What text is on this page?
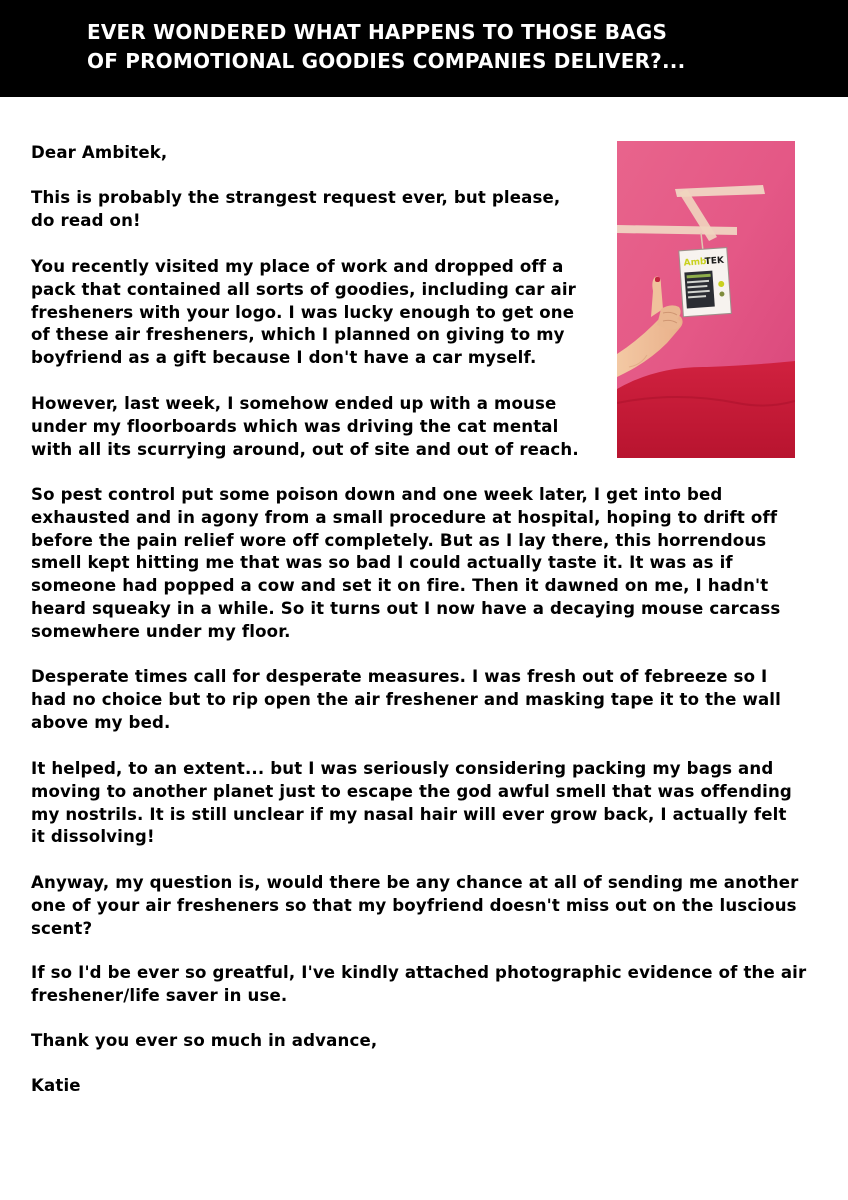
EVER WONDERED WHAT HAPPENS TO THOSE BAGS
OF PROMOTIONAL GOODIES COMPANIES DELIVER?...
Ambi
TEK

Dear Ambitek,

This is probably the strangest request ever, but please,
do read on!

You recently visited my place of work and dropped off a
pack that contained all sorts of goodies, including car air
fresheners with your logo. I was lucky enough to get one
of these air fresheners, which I planned on giving to my
boyfriend as a gift because I don't have a car myself.

However, last week, I somehow ended up with a mouse
under my floorboards which was driving the cat mental
with all its scurrying around, out of site and out of reach.

So pest control put some poison down and one week later, I get into bed
exhausted and in agony from a small procedure at hospital, hoping to drift off
before the pain relief wore off completely. But as I lay there, this horrendous
smell kept hitting me that was so bad I could actually taste it. It was as if
someone had popped a cow and set it on fire. Then it dawned on me, I hadn't
heard squeaky in a while. So it turns out I now have a decaying mouse carcass
somewhere under my floor.

Desperate times call for desperate measures. I was fresh out of febreeze so I
had no choice but to rip open the air freshener and masking tape it to the wall
above my bed.

It helped, to an extent... but I was seriously considering packing my bags and
moving to another planet just to escape the god awful smell that was offending
my nostrils. It is still unclear if my nasal hair will ever grow back, I actually felt
it dissolving!

Anyway, my question is, would there be any chance at all of sending me another
one of your air fresheners so that my boyfriend doesn't miss out on the luscious
scent?

If so I'd be ever so greatful, I've kindly attached photographic evidence of the air
freshener/life saver in use.

Thank you ever so much in advance,

Katie
